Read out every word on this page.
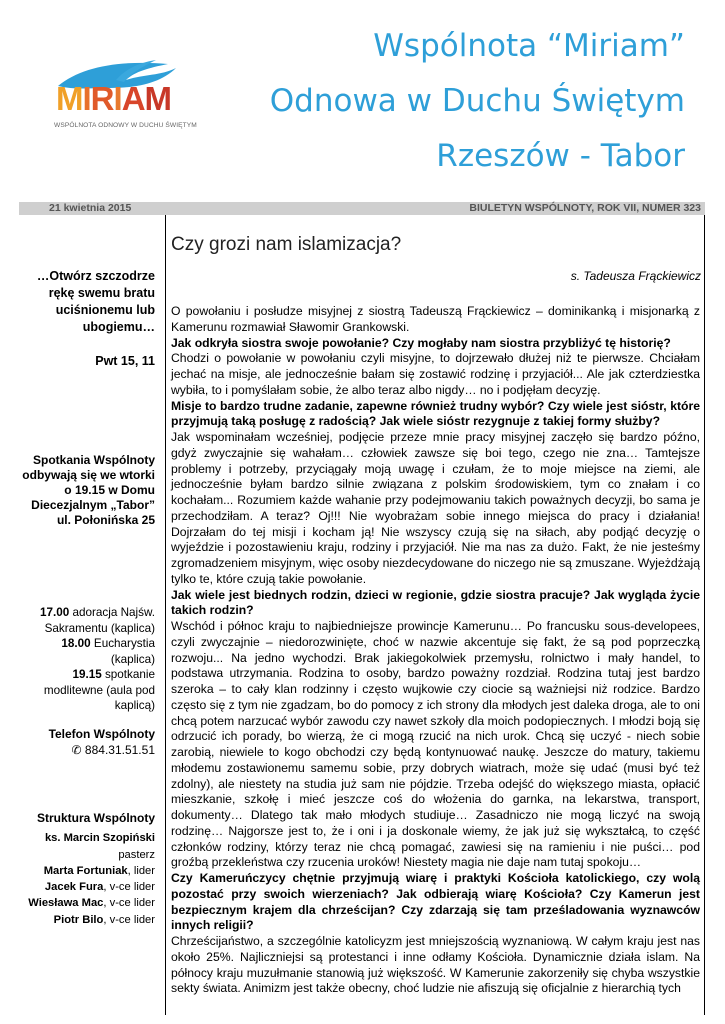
MIRIAM
WSPÓLNOTA ODNOWY W DUCHU ŚWIĘTYM
Wspólnota “Miriam”
Odnowa w Duchu Świętym
Rzeszów - Tabor
21 kwietnia 2015	BIULETYN WSPÓLNOTY, ROK VII, NUMER 323
…Otwórz szczodrze rękę swemu bratu uciśnionemu lub ubogiemu…
Pwt 15, 11
Spotkania Wspólnoty odbywają się we wtorki o 19.15 w Domu Diecezjalnym „Tabor” ul. Połonińska 25
17.00 adoracja Najśw. Sakramentu (kaplica)
18.00 Eucharystia (kaplica)
19.15 spotkanie modlitewne (aula pod kaplicą)
Telefon Wspólnoty
✆ 884.31.51.51
Struktura Wspólnoty
ks. Marcin Szopiński
pasterz
Marta Fortuniak, lider
Jacek Fura, v-ce lider
Wiesława Mac, v-ce lider
Piotr Bilo, v-ce lider
Czy grozi nam islamizacja?
s. Tadeusza Frąckiewicz

O powołaniu i posłudze misyjnej z siostrą Tadeuszą Frąckiewicz – dominikanką i misjonarką z Kamerunu rozmawiał Sławomir Grankowski.

Jak odkryła siostra swoje powołanie? Czy mogłaby nam siostra przybliżyć tę historię?

Chodzi o powołanie w powołaniu czyli misyjne, to dojrzewało dłużej niż te pierwsze. Chciałam jechać na misje, ale jednocześnie bałam się zostawić rodzinę i przyjaciół... Ale jak czterdziestka wybiła, to i pomyślałam sobie, że albo teraz albo nigdy… no i podjęłam decyzję.

Misje to bardzo trudne zadanie, zapewne również trudny wybór? Czy wiele jest sióstr, które przyjmują taką posługę z radością? Jak wiele sióstr rezygnuje z takiej formy służby?

Jak wspominałam wcześniej, podjęcie przeze mnie pracy misyjnej zaczęło się bardzo późno, gdyż zwyczajnie się wahałam… człowiek zawsze się boi tego, czego nie zna… Tamtejsze problemy i potrzeby, przyciągały moją uwagę i czułam, że to moje miejsce na ziemi, ale jednocześnie byłam bardzo silnie związana z polskim środowiskiem, tym co znałam i co kochałam... Rozumiem każde wahanie przy podejmowaniu takich poważnych decyzji, bo sama je przechodziłam. A teraz? Oj!!! Nie wyobrażam sobie innego miejsca do pracy i działania! Dojrzałam do tej misji i kocham ją! Nie wszyscy czują się na siłach, aby podjąć decyzję o wyjeździe i pozostawieniu kraju, rodziny i przyjaciół. Nie ma nas za dużo. Fakt, że nie jesteśmy zgromadzeniem misyjnym, więc osoby niezdecydowane do niczego nie są zmuszane. Wyjeżdżają tylko te, które czują takie powołanie.

Jak wiele jest biednych rodzin, dzieci w regionie, gdzie siostra pracuje? Jak wygląda życie takich rodzin?

Wschód i północ kraju to najbiedniejsze prowincje Kamerunu… Po francusku sous-developees, czyli zwyczajnie – niedorozwinięte, choć w nazwie akcentuje się fakt, że są pod poprzeczką rozwoju... Na jedno wychodzi. Brak jakiegokolwiek przemysłu, rolnictwo i mały handel, to podstawa utrzymania. Rodzina to osoby, bardzo poważny rozdział. Rodzina tutaj jest bardzo szeroka – to cały klan rodzinny i często wujkowie czy ciocie są ważniejsi niż rodzice. Bardzo często się z tym nie zgadzam, bo do pomocy z ich strony dla młodych jest daleka droga, ale to oni chcą potem narzucać wybór zawodu czy nawet szkoły dla moich podopiecznych. I młodzi boją się odrzucić ich porady, bo wierzą, że ci mogą rzucić na nich urok. Chcą się uczyć - niech sobie zarobią, niewiele to kogo obchodzi czy będą kontynuować naukę. Jeszcze do matury, takiemu młodemu zostawionemu samemu sobie, przy dobrych wiatrach, może się udać (musi być też zdolny), ale niestety na studia już sam nie pójdzie. Trzeba odejść do większego miasta, opłacić mieszkanie, szkołę i mieć jeszcze coś do włożenia do garnka, na lekarstwa, transport, dokumenty… Dlatego tak mało młodych studiuje… Zasadniczo nie mogą liczyć na swoją rodzinę… Najgorsze jest to, że i oni i ja doskonale wiemy, że jak już się wykształcą, to część członków rodziny, którzy teraz nie chcą pomagać, zawiesi się na ramieniu i nie puści… pod groźbą przekleństwa czy rzucenia uroków! Niestety magia nie daje nam tutaj spokoju…

Czy Kameruńczycy chętnie przyjmują wiarę i praktyki Kościoła katolickiego, czy wolą pozostać przy swoich wierzeniach? Jak odbierają wiarę Kościoła? Czy Kamerun jest bezpiecznym krajem dla chrześcijan? Czy zdarzają się tam prześladowania wyznawców innych religii?

Chrześcijaństwo, a szczególnie katolicyzm jest mniejszością wyznaniową. W całym kraju jest nas około 25%. Najliczniejsi są protestanci i inne odłamy Kościoła. Dynamicznie działa islam. Na północy kraju muzułmanie stanowią już większość. W Kamerunie zakorzeniły się chyba wszystkie sekty świata. Animizm jest także obecny, choć ludzie nie afiszują się oficjalnie z hierarchią tych
